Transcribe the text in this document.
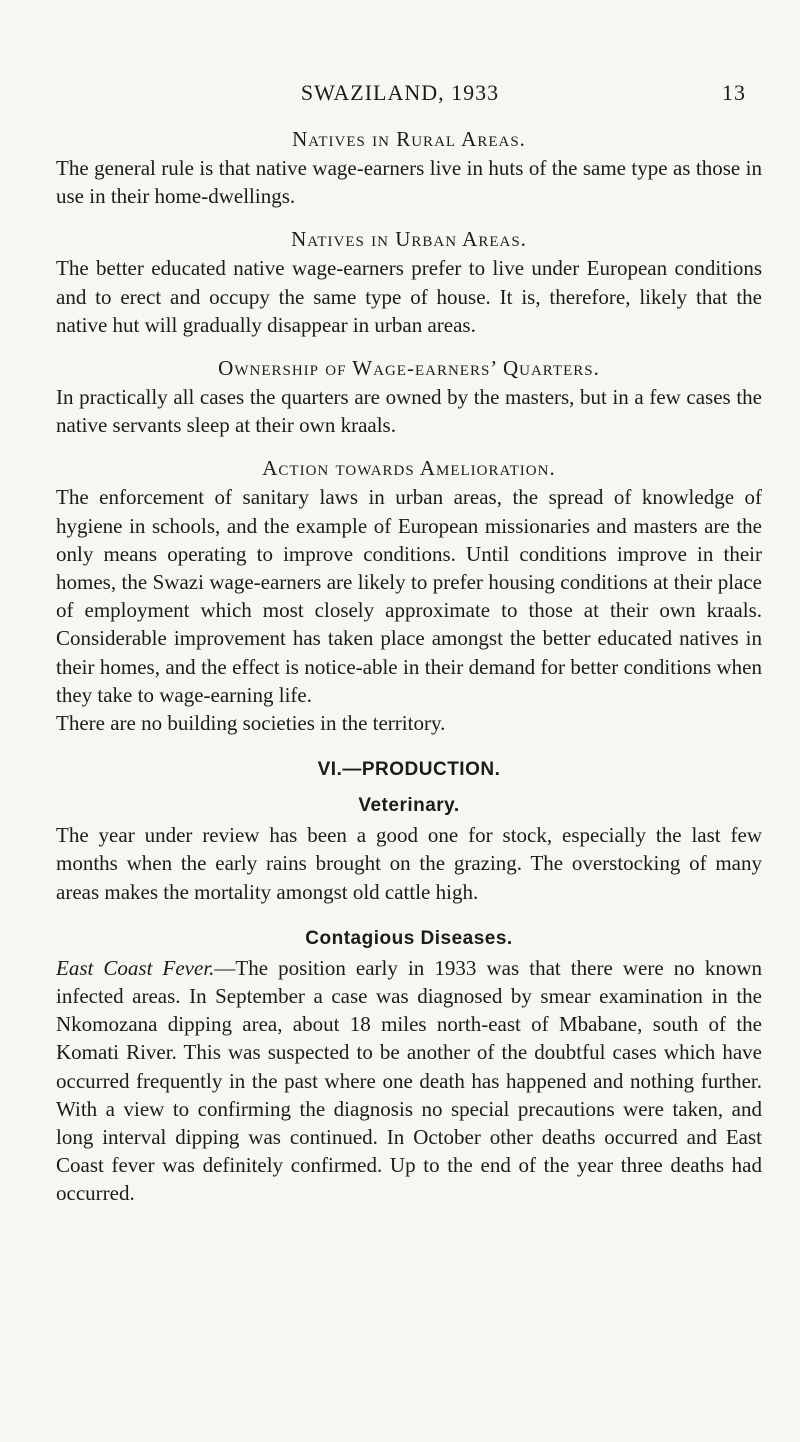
SWAZILAND, 1933	13
Natives in Rural Areas.

The general rule is that native wage-earners live in huts of the same type as those in use in their home-dwellings.

Natives in Urban Areas.

The better educated native wage-earners prefer to live under European conditions and to erect and occupy the same type of house. It is, therefore, likely that the native hut will gradually disappear in urban areas.

Ownership of Wage-earners’ Quarters.

In practically all cases the quarters are owned by the masters, but in a few cases the native servants sleep at their own kraals.

Action towards Amelioration.

The enforcement of sanitary laws in urban areas, the spread of knowledge of hygiene in schools, and the example of European missionaries and masters are the only means operating to improve conditions. Until conditions improve in their homes, the Swazi wage-earners are likely to prefer housing conditions at their place of employment which most closely approximate to those at their own kraals. Considerable improvement has taken place amongst the better educated natives in their homes, and the effect is notice-able in their demand for better conditions when they take to wage-earning life.

There are no building societies in the territory.

VI.—PRODUCTION.
Veterinary.

The year under review has been a good one for stock, especially the last few months when the early rains brought on the grazing. The overstocking of many areas makes the mortality amongst old cattle high.

Contagious Diseases.

East Coast Fever.—The position early in 1933 was that there were no known infected areas. In September a case was diagnosed by smear examination in the Nkomozana dipping area, about 18 miles north-east of Mbabane, south of the Komati River. This was suspected to be another of the doubtful cases which have occurred frequently in the past where one death has happened and nothing further. With a view to confirming the diagnosis no special precautions were taken, and long interval dipping was continued. In October other deaths occurred and East Coast fever was definitely confirmed. Up to the end of the year three deaths had occurred.
